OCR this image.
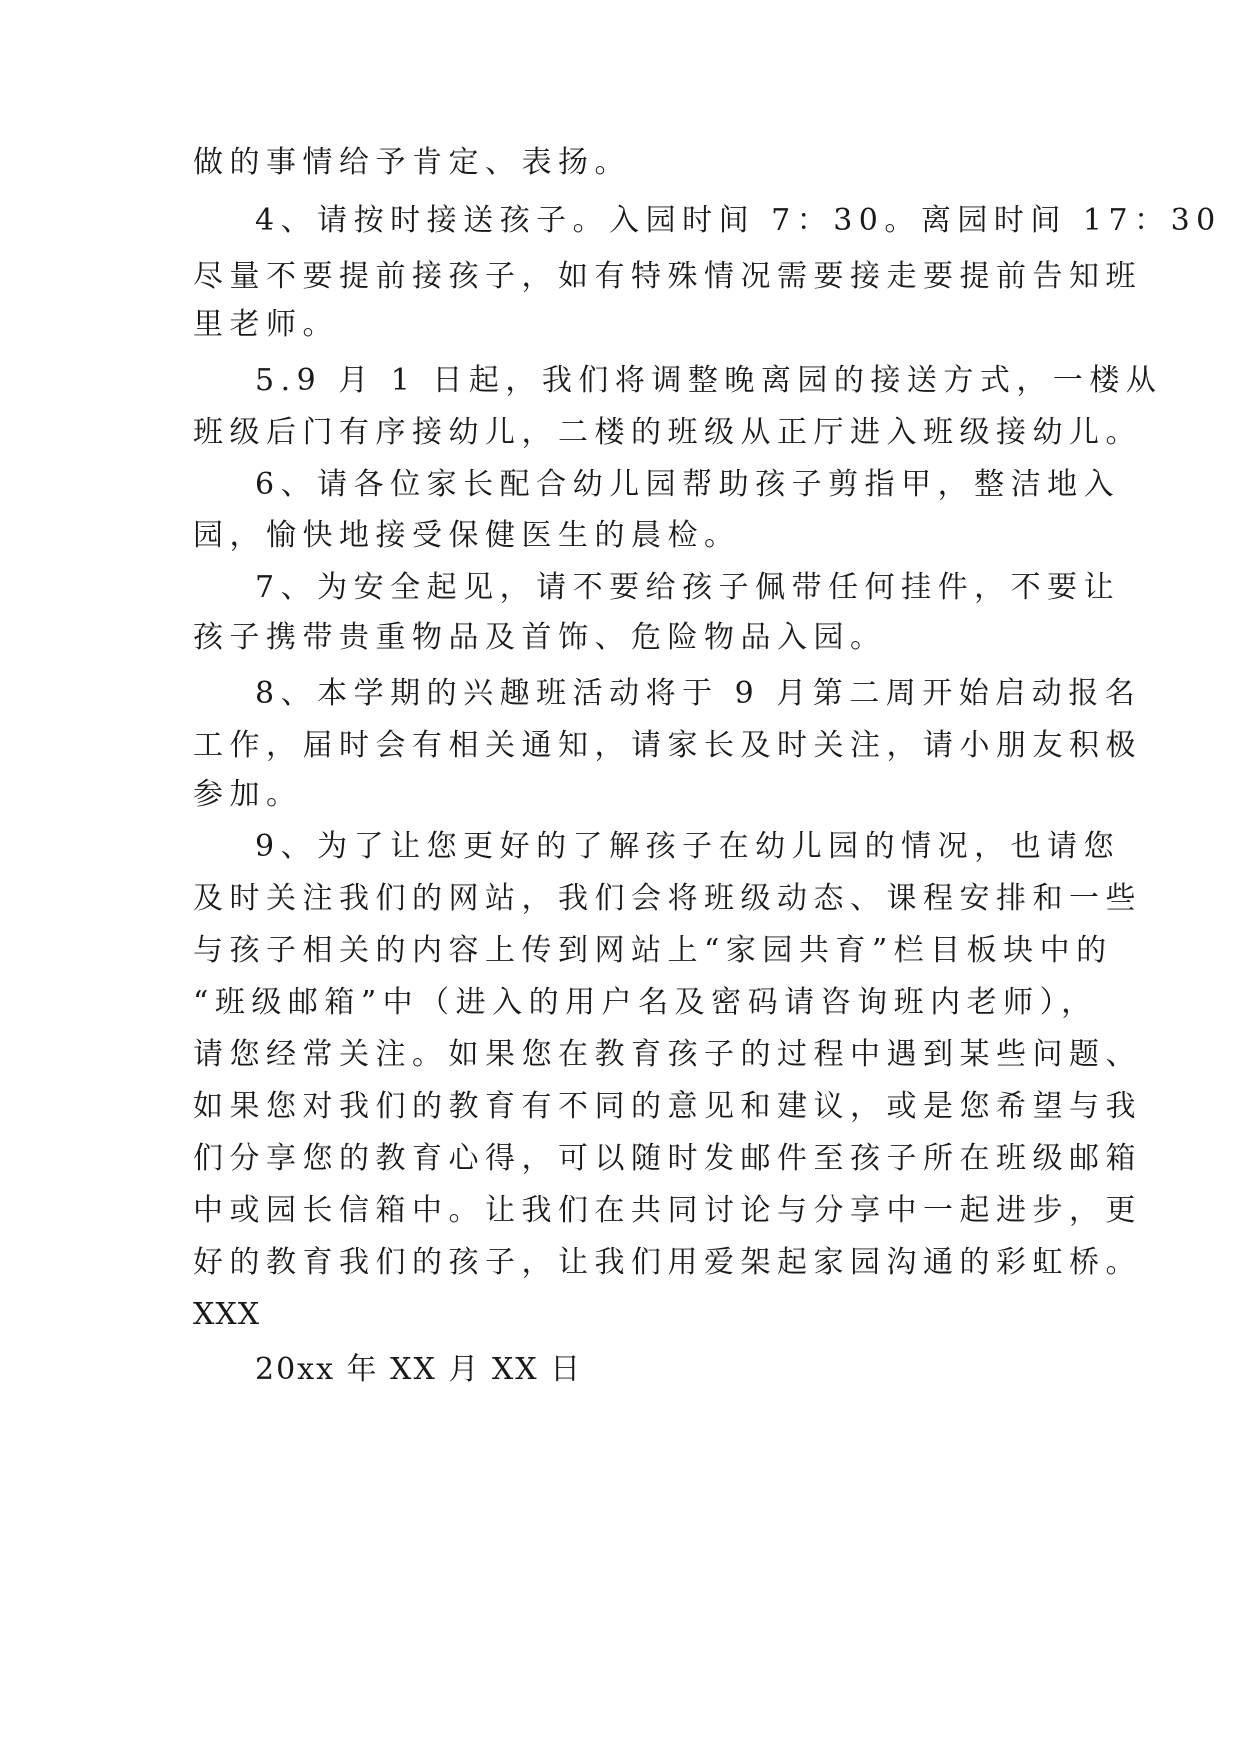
做的事情给予肯定、表扬。
4、请按时接送孩子。入园时间 7：30。离园时间 17：30
尽量不要提前接孩子，如有特殊情况需要接走要提前告知班
里老师。
5.9 月 1 日起，我们将调整晚离园的接送方式，一楼从
班级后门有序接幼儿，二楼的班级从正厅进入班级接幼儿。
6、请各位家长配合幼儿园帮助孩子剪指甲，整洁地入
园，愉快地接受保健医生的晨检。
7、为安全起见，请不要给孩子佩带任何挂件，不要让
孩子携带贵重物品及首饰、危险物品入园。
8、本学期的兴趣班活动将于 9 月第二周开始启动报名
工作，届时会有相关通知，请家长及时关注，请小朋友积极
参加。
9、为了让您更好的了解孩子在幼儿园的情况，也请您
及时关注我们的网站，我们会将班级动态、课程安排和一些
与孩子相关的内容上传到网站上“家园共育”栏目板块中的
“班级邮箱”中（进入的用户名及密码请咨询班内老师），
请您经常关注。如果您在教育孩子的过程中遇到某些问题、
如果您对我们的教育有不同的意见和建议，或是您希望与我
们分享您的教育心得，可以随时发邮件至孩子所在班级邮箱
中或园长信箱中。让我们在共同讨论与分享中一起进步，更
好的教育我们的孩子，让我们用爱架起家园沟通的彩虹桥。
XXX
20xx 年 XX 月 XX 日
